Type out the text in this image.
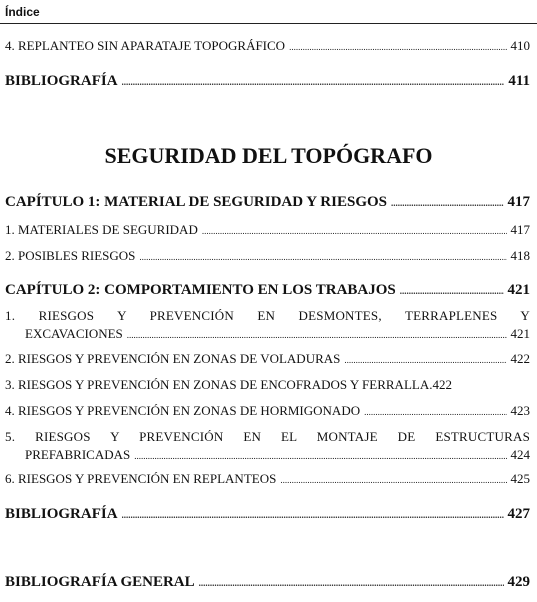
Índice
4. REPLANTEO SIN APARATAJE TOPOGRÁFICO .....	410
BIBLIOGRAFÍA .....	411
SEGURIDAD DEL TOPÓGRAFO
CAPÍTULO 1: MATERIAL DE SEGURIDAD Y RIESGOS .....	417
1. MATERIALES DE SEGURIDAD .....	417
2. POSIBLES RIESGOS .....	418
CAPÍTULO 2: COMPORTAMIENTO EN LOS TRABAJOS .....	421
1. RIESGOS Y PREVENCIÓN EN DESMONTES, TERRAPLENES Y
EXCAVACIONES .....	421
2. RIESGOS Y PREVENCIÓN EN ZONAS DE VOLADURAS .....	422
3. RIESGOS Y PREVENCIÓN EN ZONAS DE ENCOFRADOS Y FERRALLA. 422
4. RIESGOS Y PREVENCIÓN EN ZONAS DE HORMIGONADO .....	423
5. RIESGOS Y PREVENCIÓN EN EL MONTAJE DE ESTRUCTURAS
PREFABRICADAS .....	424
6. RIESGOS Y PREVENCIÓN EN REPLANTEOS .....	425
BIBLIOGRAFÍA .....	427
BIBLIOGRAFÍA GENERAL .....	429
